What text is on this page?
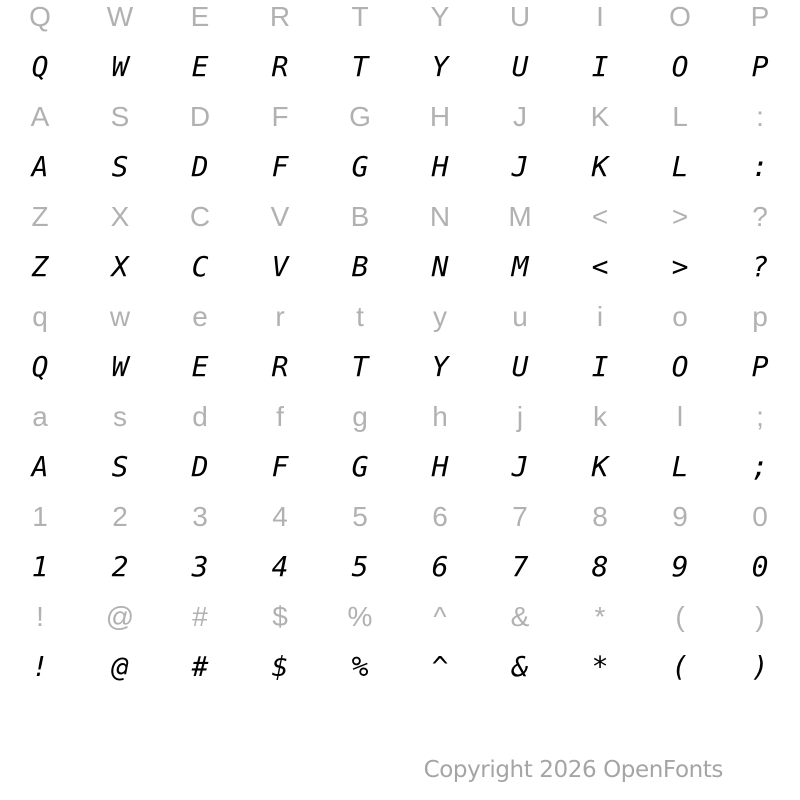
Q W E R T Y U I O P
Q W E R T Y U I O P
A S D F G H J K L :
A S D F G H J K L :
Z X C V B N M < > ?
Z X C V B N M < > ?
q w e r	t y u i o p
Q W E R T Y U I O P
a s d f g h j k l	;
A S D F G H J K L ;
1 2 3 4 5 6 7 8 9 0
1 2 3 4 5 6 7 8 9 0
! @ # $ % ^ & * (	)
! @ # $ % ^ & * ( )
Copyright 2026 OpenFonts
